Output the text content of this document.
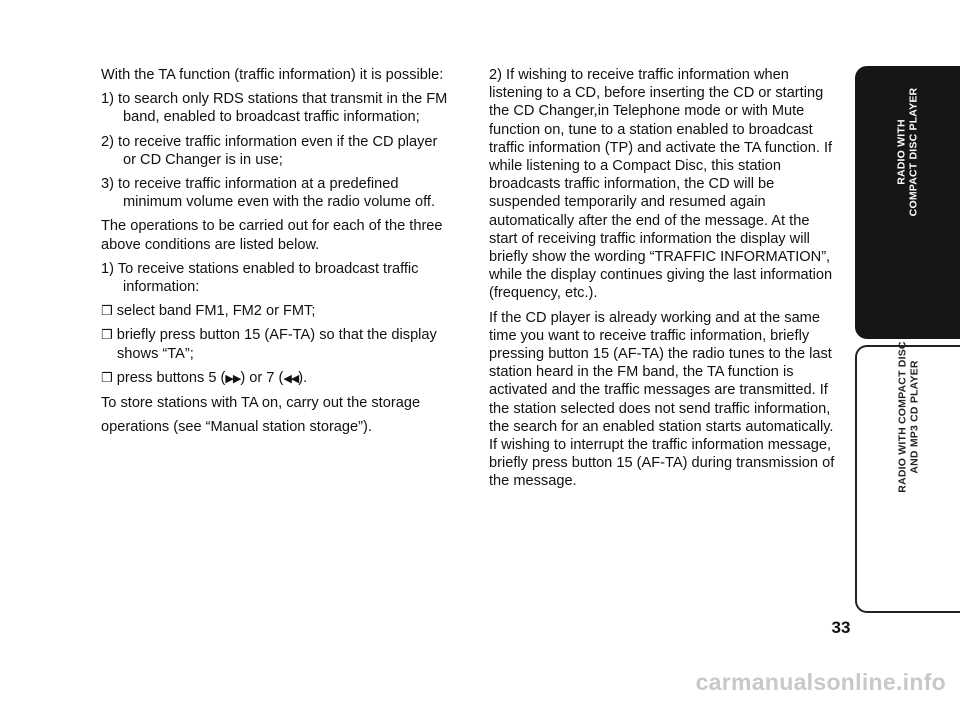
With the TA function (traffic information) it is possible:

1) to search only RDS stations that transmit in the FM band, enabled to broadcast traffic information;

2) to receive traffic information even if the CD player or CD Changer is in use;

3) to receive traffic information at a predefined minimum volume even with the radio volume off.

The operations to be carried out for each of the three above conditions are listed below.

1) To receive stations enabled to broadcast traffic information:

❒ select band FM1, FM2 or FMT;

❒ briefly press button 15 (AF-TA) so that the display shows “TA”;

❒ press buttons 5 (▶▶) or 7 (◀◀).

To store stations with TA on, carry out the storage

operations (see “Manual station storage”).

2) If wishing to receive traffic information when listening to a CD, before inserting the CD or starting the CD Changer,in Telephone mode or with Mute function on, tune to a station enabled to broadcast traffic information (TP) and activate the TA function. If while listening to a Compact Disc, this station broadcasts traffic information, the CD will be suspended temporarily and resumed again automatically after the end of the message. At the start of receiving traffic information the display will briefly show the wording “TRAFFIC INFORMATION”, while the display continues giving the last information (frequency, etc.).

If the CD player is already working and at the same time you want to receive traffic information, briefly pressing button 15 (AF-TA) the radio tunes to the last station heard in the FM band, the TA function is activated and the traffic messages are transmitted. If the station selected does not send traffic information, the search for an enabled station starts automatically. If wishing to interrupt the traffic information message, briefly press button 15 (AF-TA) during transmission of the message.

RADIO WITH COMPACT DISC PLAYER
RADIO WITH COMPACT DISC AND MP3 CD PLAYER
33
carmanualsonline.info
